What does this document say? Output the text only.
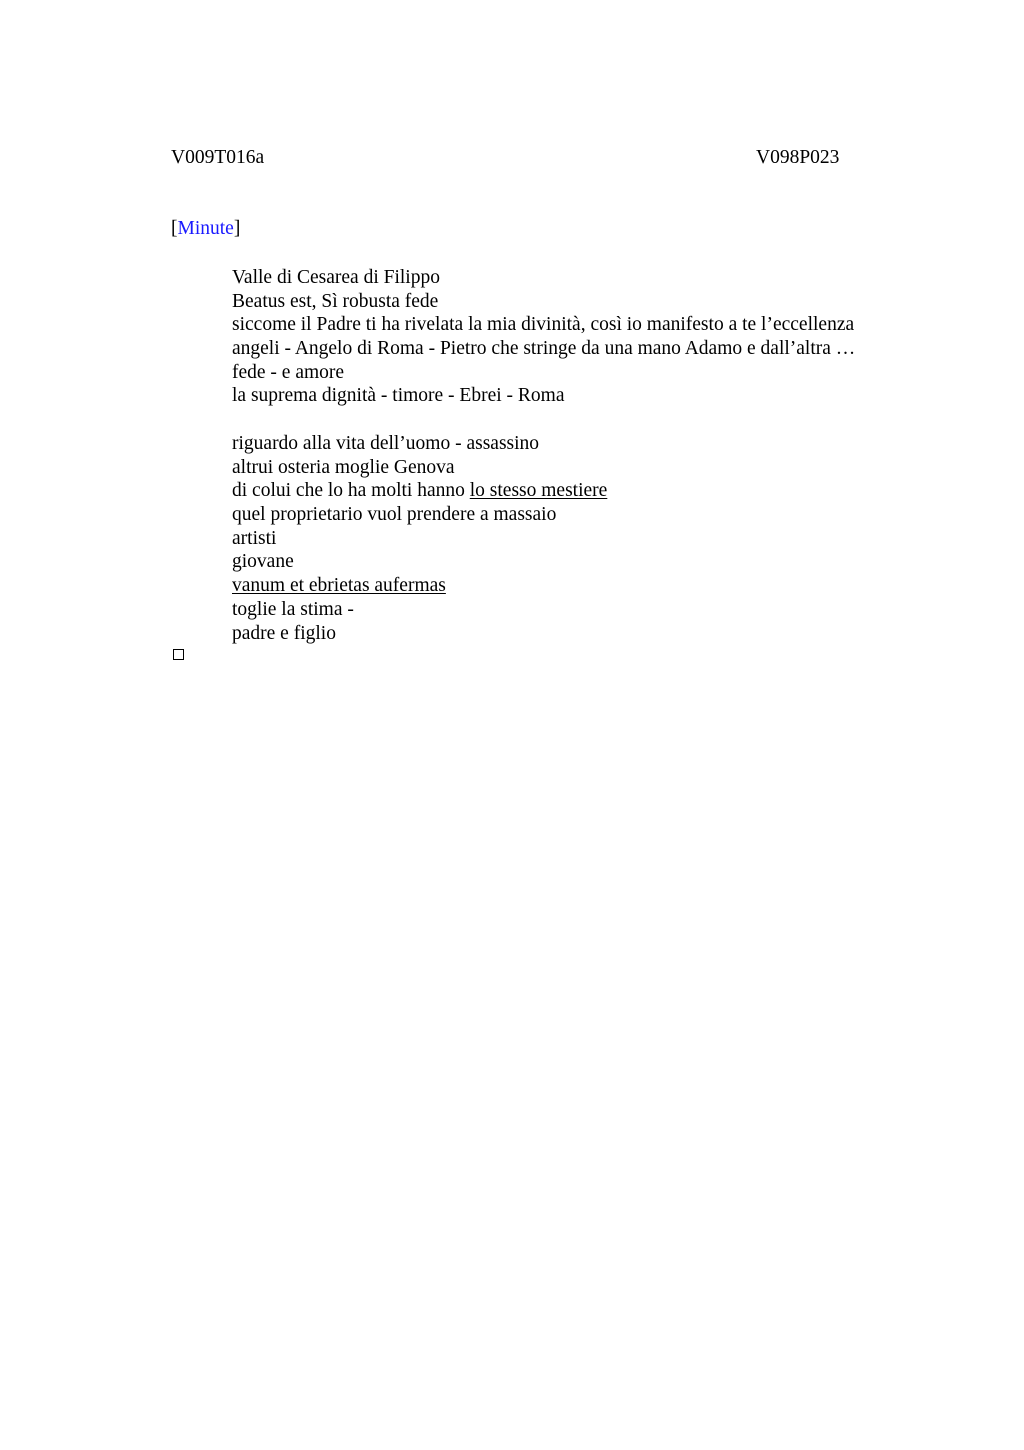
V009T016a	V098P023
[Minute]
Valle di Cesarea di Filippo
Beatus est, Sì robusta fede
siccome il Padre ti ha rivelata la mia divinità, così io manifesto a te l’eccellenza
angeli - Angelo di Roma - Pietro che stringe da una mano Adamo e dall’altra …
fede - e amore
la suprema dignità - timore - Ebrei - Roma
riguardo alla vita dell’uomo - assassino
altrui osteria moglie Genova
di colui che lo ha molti hanno lo stesso mestiere
quel proprietario vuol prendere a massaio
artisti
giovane
vanum et ebrietas aufermas
toglie la stima -
padre e figlio
